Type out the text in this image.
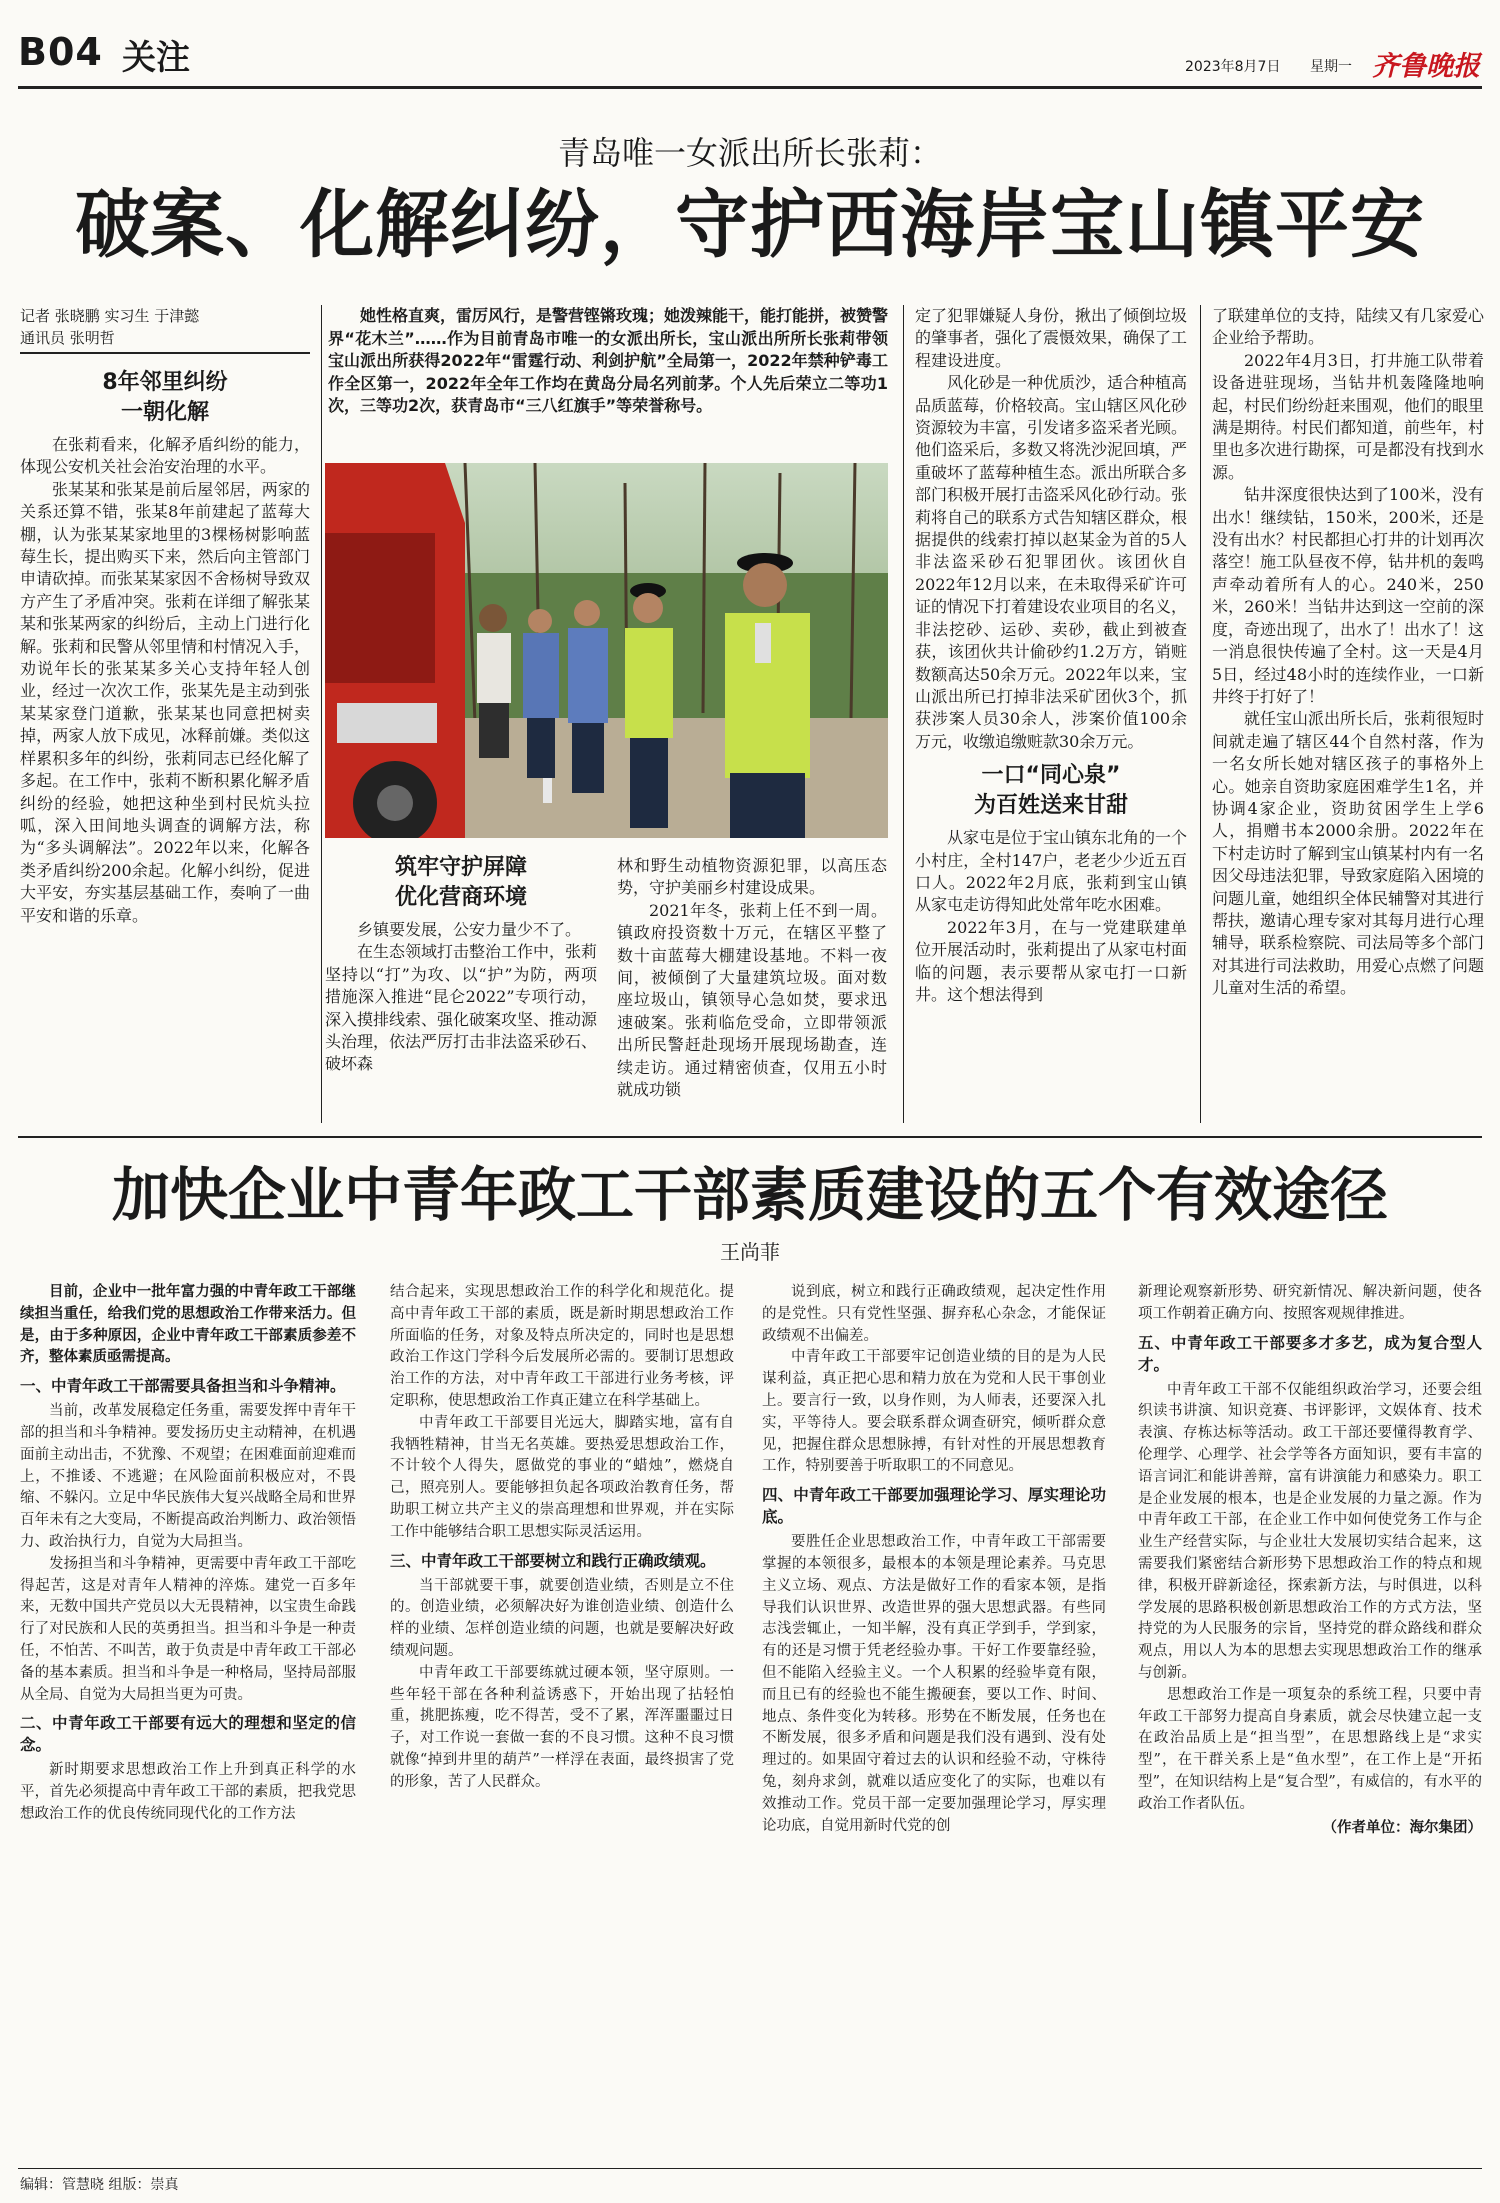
B04 关注	2023年8月7日 星期一 齐鲁晚报
青岛唯一女派出所长张莉：
破案、化解纠纷，守护西海岸宝山镇平安
记者 张晓鹏 实习生 于津懿
通讯员 张明哲
8年邻里纠纷
一朝化解

在张莉看来，化解矛盾纠纷的能力，体现公安机关社会治安治理的水平。

张某某和张某是前后屋邻居，两家的关系还算不错，张某8年前建起了蓝莓大棚，认为张某某家地里的3棵杨树影响蓝莓生长，提出购买下来，然后向主管部门申请砍掉。而张某某家因不舍杨树导致双方产生了矛盾冲突。张莉在详细了解张某某和张某两家的纠纷后，主动上门进行化解。张莉和民警从邻里情和村情况入手，劝说年长的张某某多关心支持年轻人创业，经过一次次工作，张某先是主动到张某某家登门道歉，张某某也同意把树卖掉，两家人放下成见，冰释前嫌。类似这样累积多年的纠纷，张莉同志已经化解了多起。在工作中，张莉不断积累化解矛盾纠纷的经验，她把这种坐到村民炕头拉呱，深入田间地头调查的调解方法，称为“多头调解法”。2022年以来，化解各类矛盾纠纷200余起。化解小纠纷，促进大平安，夯实基层基础工作，奏响了一曲平安和谐的乐章。

她性格直爽，雷厉风行，是警营铿锵玫瑰；她泼辣能干，能打能拼，被赞警界“花木兰”……作为目前青岛市唯一的女派出所长，宝山派出所所长张莉带领宝山派出所获得2022年“雷霆行动、利剑护航”全局第一，2022年禁种铲毒工作全区第一，2022年全年工作均在黄岛分局名列前茅。个人先后荣立二等功1次，三等功2次，获青岛市“三八红旗手”等荣誉称号。
筑牢守护屏障
优化营商环境

乡镇要发展，公安力量少不了。

在生态领域打击整治工作中，张莉坚持以“打”为攻、以“护”为防，两项措施深入推进“昆仑2022”专项行动，深入摸排线索、强化破案攻坚、推动源头治理，依法严厉打击非法盗采砂石、破坏森

林和野生动植物资源犯罪，以高压态势，守护美丽乡村建设成果。

2021年冬，张莉上任不到一周。镇政府投资数十万元，在辖区平整了数十亩蓝莓大棚建设基地。不料一夜间，被倾倒了大量建筑垃圾。面对数座垃圾山，镇领导心急如焚，要求迅速破案。张莉临危受命，立即带领派出所民警赶赴现场开展现场勘查，连续走访。通过精密侦查，仅用五小时就成功锁

定了犯罪嫌疑人身份，揪出了倾倒垃圾的肇事者，强化了震慑效果，确保了工程建设进度。

风化砂是一种优质沙，适合种植高品质蓝莓，价格较高。宝山辖区风化砂资源较为丰富，引发诸多盗采者光顾。他们盗采后，多数又将洗沙泥回填，严重破坏了蓝莓种植生态。派出所联合多部门积极开展打击盗采风化砂行动。张莉将自己的联系方式告知辖区群众，根据提供的线索打掉以赵某金为首的5人非法盗采砂石犯罪团伙。该团伙自2022年12月以来，在未取得采矿许可证的情况下打着建设农业项目的名义，非法挖砂、运砂、卖砂，截止到被查获，该团伙共计偷砂约1.2万方，销赃数额高达50余万元。2022年以来，宝山派出所已打掉非法采矿团伙3个，抓获涉案人员30余人，涉案价值100余万元，收缴追缴赃款30余万元。

一口“同心泉”
为百姓送来甘甜

从家屯是位于宝山镇东北角的一个小村庄，全村147户，老老少少近五百口人。2022年2月底，张莉到宝山镇从家屯走访得知此处常年吃水困难。

2022年3月，在与一党建联建单位开展活动时，张莉提出了从家屯村面临的问题，表示要帮从家屯打一口新井。这个想法得到

了联建单位的支持，陆续又有几家爱心企业给予帮助。

2022年4月3日，打井施工队带着设备进驻现场，当钻井机轰隆隆地响起，村民们纷纷赶来围观，他们的眼里满是期待。村民们都知道，前些年，村里也多次进行勘探，可是都没有找到水源。

钻井深度很快达到了100米，没有出水！继续钻，150米，200米，还是没有出水？村民都担心打井的计划再次落空！施工队昼夜不停，钻井机的轰鸣声牵动着所有人的心。240米，250米，260米！当钻井达到这一空前的深度，奇迹出现了，出水了！出水了！这一消息很快传遍了全村。这一天是4月5日，经过48小时的连续作业，一口新井终于打好了！

就任宝山派出所长后，张莉很短时间就走遍了辖区44个自然村落，作为一名女所长她对辖区孩子的事格外上心。她亲自资助家庭困难学生1名，并协调4家企业，资助贫困学生上学6人，捐赠书本2000余册。2022年在下村走访时了解到宝山镇某村内有一名因父母违法犯罪，导致家庭陷入困境的问题儿童，她组织全体民辅警对其进行帮扶，邀请心理专家对其每月进行心理辅导，联系检察院、司法局等多个部门对其进行司法救助，用爱心点燃了问题儿童对生活的希望。

加快企业中青年政工干部素质建设的五个有效途径
王尚菲

目前，企业中一批年富力强的中青年政工干部继续担当重任，给我们党的思想政治工作带来活力。但是，由于多种原因，企业中青年政工干部素质参差不齐，整体素质亟需提高。

一、中青年政工干部需要具备担当和斗争精神。

当前，改革发展稳定任务重，需要发挥中青年干部的担当和斗争精神。要发扬历史主动精神，在机遇面前主动出击，不犹豫、不观望；在困难面前迎难而上，不推诿、不逃避；在风险面前积极应对，不畏缩、不躲闪。立足中华民族伟大复兴战略全局和世界百年未有之大变局，不断提高政治判断力、政治领悟力、政治执行力，自觉为大局担当。

发扬担当和斗争精神，更需要中青年政工干部吃得起苦，这是对青年人精神的淬炼。建党一百多年来，无数中国共产党员以大无畏精神，以宝贵生命践行了对民族和人民的英勇担当。担当和斗争是一种责任，不怕苦、不叫苦，敢于负责是中青年政工干部必备的基本素质。担当和斗争是一种格局，坚持局部服从全局、自觉为大局担当更为可贵。

二、中青年政工干部要有远大的理想和坚定的信念。

新时期要求思想政治工作上升到真正科学的水平，首先必须提高中青年政工干部的素质，把我党思想政治工作的优良传统同现代化的工作方法

结合起来，实现思想政治工作的科学化和规范化。提高中青年政工干部的素质，既是新时期思想政治工作所面临的任务，对象及特点所决定的，同时也是思想政治工作这门学科今后发展所必需的。要制订思想政治工作的方法，对中青年政工干部进行业务考核，评定职称，使思想政治工作真正建立在科学基础上。

中青年政工干部要目光远大，脚踏实地，富有自我牺牲精神，甘当无名英雄。要热爱思想政治工作，不计较个人得失，愿做党的事业的“蜡烛”，燃烧自己，照亮别人。要能够担负起各项政治教育任务，帮助职工树立共产主义的崇高理想和世界观，并在实际工作中能够结合职工思想实际灵活运用。

三、中青年政工干部要树立和践行正确政绩观。

当干部就要干事，就要创造业绩，否则是立不住的。创造业绩，必须解决好为谁创造业绩、创造什么样的业绩、怎样创造业绩的问题，也就是要解决好政绩观问题。

中青年政工干部要练就过硬本领，坚守原则。一些年轻干部在各种利益诱惑下，开始出现了拈轻怕重，挑肥拣瘦，吃不得苦，受不了累，浑浑噩噩过日子，对工作说一套做一套的不良习惯。这种不良习惯就像“掉到井里的葫芦”一样浮在表面，最终损害了党的形象，苦了人民群众。

说到底，树立和践行正确政绩观，起决定性作用的是党性。只有党性坚强、摒弃私心杂念，才能保证政绩观不出偏差。

中青年政工干部要牢记创造业绩的目的是为人民谋利益，真正把心思和精力放在为党和人民干事创业上。要言行一致，以身作则，为人师表，还要深入扎实，平等待人。要会联系群众调查研究，倾听群众意见，把握住群众思想脉搏，有针对性的开展思想教育工作，特别要善于听取职工的不同意见。

四、中青年政工干部要加强理论学习、厚实理论功底。

要胜任企业思想政治工作，中青年政工干部需要掌握的本领很多，最根本的本领是理论素养。马克思主义立场、观点、方法是做好工作的看家本领，是指导我们认识世界、改造世界的强大思想武器。有些同志浅尝辄止，一知半解，没有真正学到手，学到家，有的还是习惯于凭老经验办事。干好工作要靠经验，但不能陷入经验主义。一个人积累的经验毕竟有限，而且已有的经验也不能生搬硬套，要以工作、时间、地点、条件变化为转移。形势在不断发展，任务也在不断发展，很多矛盾和问题是我们没有遇到、没有处理过的。如果固守着过去的认识和经验不动，守株待兔，刻舟求剑，就难以适应变化了的实际，也难以有效推动工作。党员干部一定要加强理论学习，厚实理论功底，自觉用新时代党的创

新理论观察新形势、研究新情况、解决新问题，使各项工作朝着正确方向、按照客观规律推进。

五、中青年政工干部要多才多艺，成为复合型人才。

中青年政工干部不仅能组织政治学习，还要会组织读书讲演、知识竞赛、书评影评，文娱体育、技术表演、存栋达标等活动。政工干部还要懂得教育学、伦理学、心理学、社会学等各方面知识，要有丰富的语言词汇和能讲善辩，富有讲演能力和感染力。职工是企业发展的根本，也是企业发展的力量之源。作为中青年政工干部，在企业工作中如何使党务工作与企业生产经营实际，与企业壮大发展切实结合起来，这需要我们紧密结合新形势下思想政治工作的特点和规律，积极开辟新途径，探索新方法，与时俱进，以科学发展的思路积极创新思想政治工作的方式方法，坚持党的为人民服务的宗旨，坚持党的群众路线和群众观点，用以人为本的思想去实现思想政治工作的继承与创新。

思想政治工作是一项复杂的系统工程，只要中青年政工干部努力提高自身素质，就会尽快建立起一支在政治品质上是“担当型”，在思想路线上是“求实型”，在干群关系上是“鱼水型”，在工作上是“开拓型”，在知识结构上是“复合型”，有威信的，有水平的政治工作者队伍。

（作者单位：海尔集团）
编辑：管慧晓 组版：崇真
